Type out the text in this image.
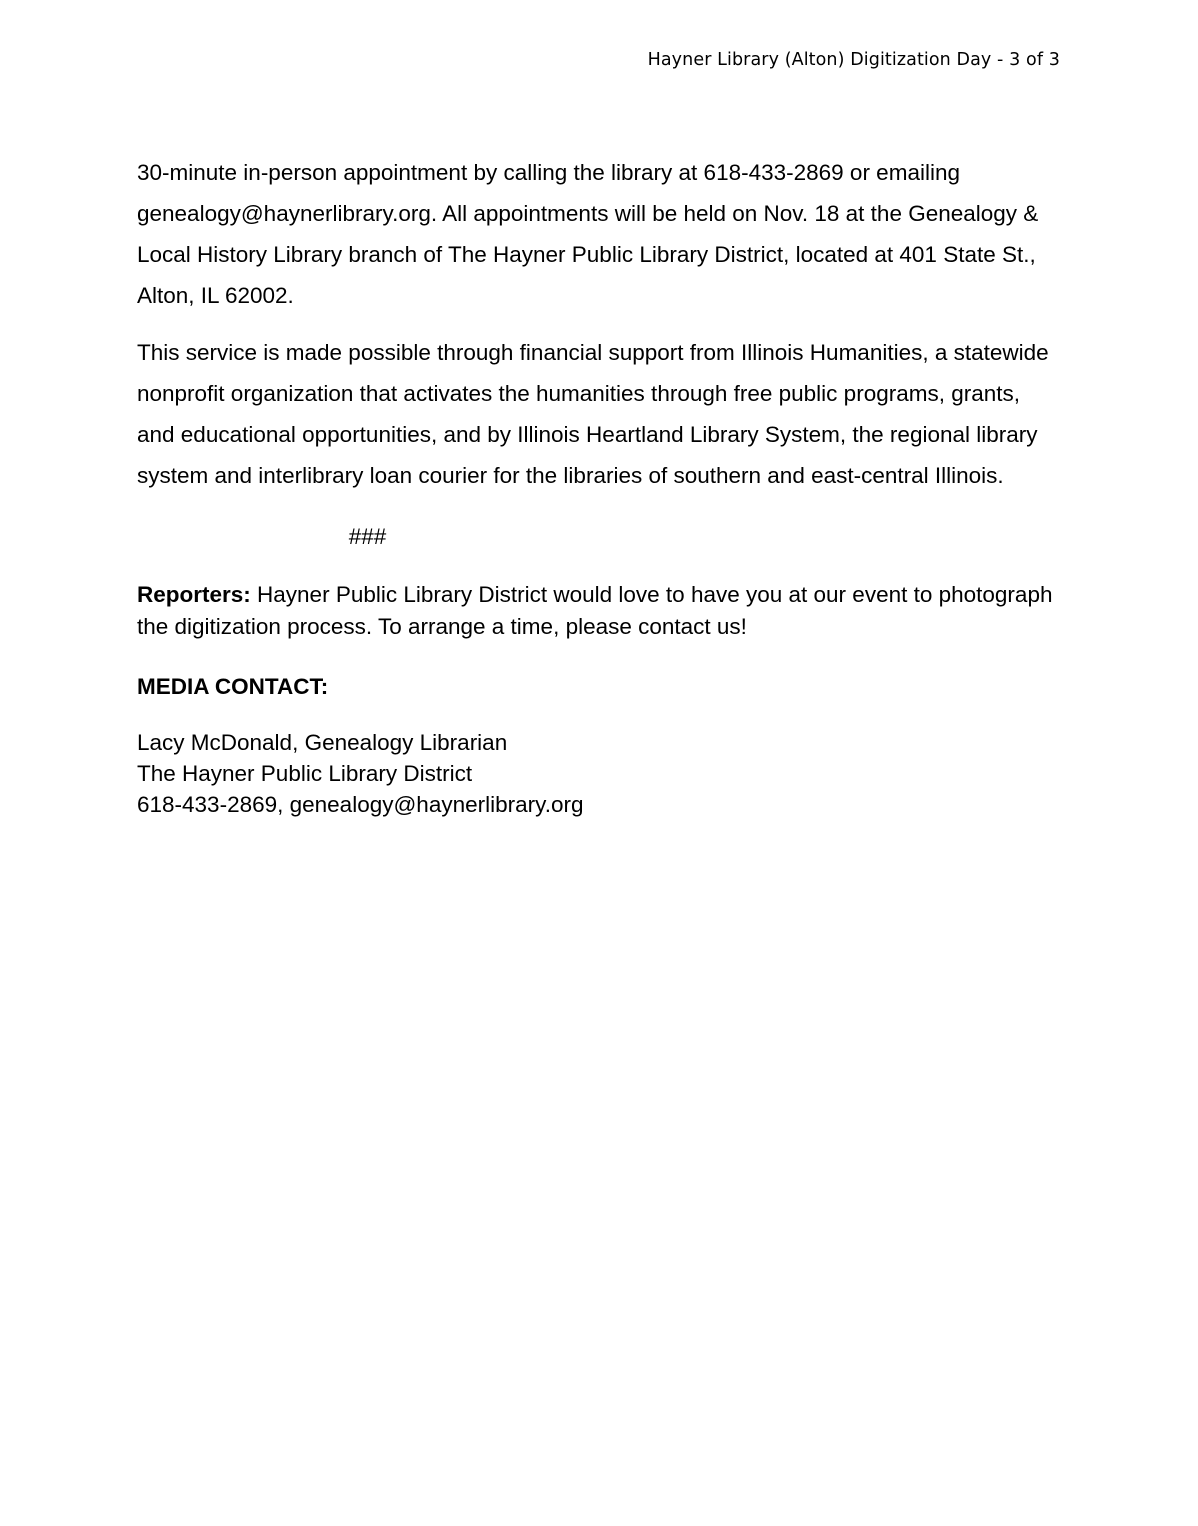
Hayner Library (Alton) Digitization Day - 3 of 3

30-minute in-person appointment by calling the library at 618-433-2869 or emailing genealogy@haynerlibrary.org. All appointments will be held on Nov. 18 at the Genealogy & Local History Library branch of The Hayner Public Library District, located at 401 State St., Alton, IL 62002.

This service is made possible through financial support from Illinois Humanities, a statewide nonprofit organization that activates the humanities through free public programs, grants, and educational opportunities, and by Illinois Heartland Library System, the regional library system and interlibrary loan courier for the libraries of southern and east-central Illinois.

###

Reporters: Hayner Public Library District would love to have you at our event to photograph the digitization process. To arrange a time, please contact us!

MEDIA CONTACT:

Lacy McDonald, Genealogy Librarian
The Hayner Public Library District
618-433-2869, genealogy@haynerlibrary.org
